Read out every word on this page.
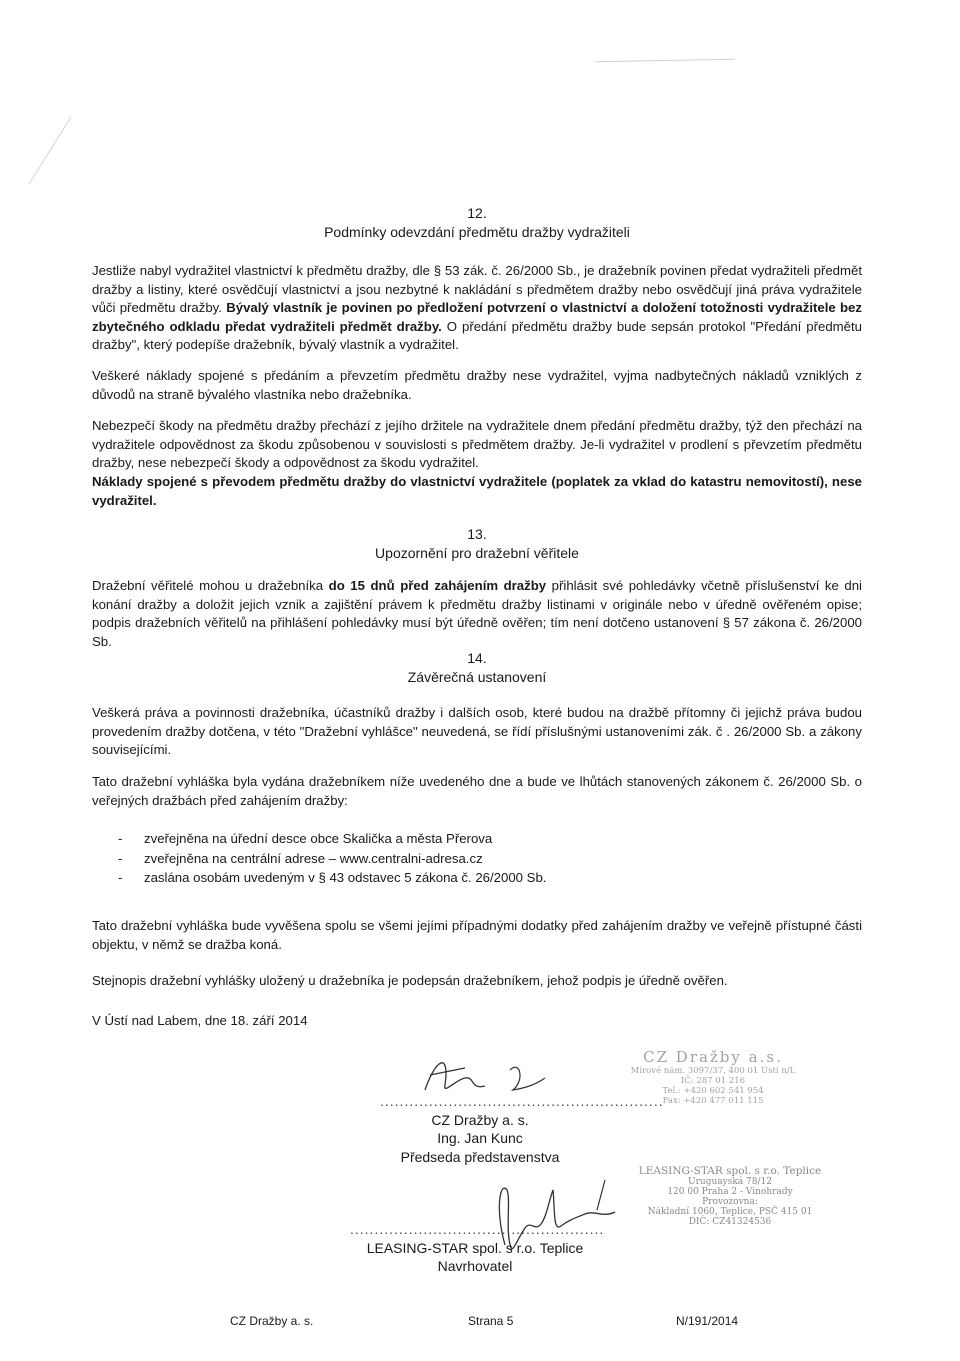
12.
Podmínky odevzdání předmětu dražby vydražiteli
Jestliže nabyl vydražitel vlastnictví k předmětu dražby, dle § 53 zák. č. 26/2000 Sb., je dražebník povinen předat vydražiteli předmět dražby a listiny, které osvědčují vlastnictví a jsou nezbytné k nakládání s předmětem dražby nebo osvědčují jiná práva vydražitele vůči předmětu dražby. Bývalý vlastník je povinen po předložení potvrzení o vlastnictví a doložení totožnosti vydražitele bez zbytečného odkladu předat vydražiteli předmět dražby. O předání předmětu dražby bude sepsán protokol "Předání předmětu dražby", který podepíše dražebník, bývalý vlastník a vydražitel.
Veškeré náklady spojené s předáním a převzetím předmětu dražby nese vydražitel, vyjma nadbytečných nákladů vzniklých z důvodů na straně bývalého vlastníka nebo dražebníka.
Nebezpečí škody na předmětu dražby přechází z jejího držitele na vydražitele dnem předání předmětu dražby, týž den přechází na vydražitele odpovědnost za škodu způsobenou v souvislosti s předmětem dražby. Je-li vydražitel v prodlení s převzetím předmětu dražby, nese nebezpečí škody a odpovědnost za škodu vydražitel.
Náklady spojené s převodem předmětu dražby do vlastnictví vydražitele (poplatek za vklad do katastru nemovitostí), nese vydražitel.
13.
Upozornění pro dražební věřitele
Dražební věřitelé mohou u dražebníka do 15 dnů před zahájením dražby přihlásit své pohledávky včetně příslušenství ke dni konání dražby a doložit jejich vznik a zajištění právem k předmětu dražby listinami v originále nebo v úředně ověřeném opise; podpis dražebních věřitelů na přihlášení pohledávky musí být úředně ověřen; tím není dotčeno ustanovení § 57 zákona č. 26/2000 Sb.
14.
Závěrečná ustanovení
Veškerá práva a povinnosti dražebníka, účastníků dražby i dalších osob, které budou na dražbě přítomny či jejichž práva budou provedením dražby dotčena, v této "Dražební vyhlášce" neuvedená, se řídí příslušnými ustanoveními zák. č . 26/2000 Sb. a zákony souvisejícími.
Tato dražební vyhláška byla vydána dražebníkem níže uvedeného dne a bude ve lhůtách stanovených zákonem č. 26/2000 Sb. o veřejných dražbách před zahájením dražby:
- zveřejněna na úřední desce obce Skalička a města Přerova
- zveřejněna na centrální adrese – www.centralni-adresa.cz
- zaslána osobám uvedeným v § 43 odstavec 5 zákona č. 26/2000 Sb.
Tato dražební vyhláška bude vyvěšena spolu se všemi jejími případnými dodatky před zahájením dražby ve veřejně přístupné části objektu, v němž se dražba koná.
Stejnopis dražební vyhlášky uložený u dražebníka je podepsán dražebníkem, jehož podpis je úředně ověřen.
V Ústí nad Labem, dne 18. září 2014
..........................................................
CZ Dražby a. s.
Ing. Jan Kunc
Předseda představenstva
CZ Dražby a.s.
Mírové nám. 3097/37, 400 01 Ústí n/L
IČ: 287 01 216
Tel.: +420 602 541 954
Fax: +420 477 011 115
....................................................
LEASING-STAR spol. s r.o. Teplice
Navrhovatel
LEASING-STAR spol. s r.o. Teplice
Uruguayská 78/12
120 00 Praha 2 - Vinohrady
Provozovna:
Nákladní 1060, Teplice, PSČ 415 01
DIČ: CZ41324536
CZ Dražby a. s.	Strana 5	N/191/2014
